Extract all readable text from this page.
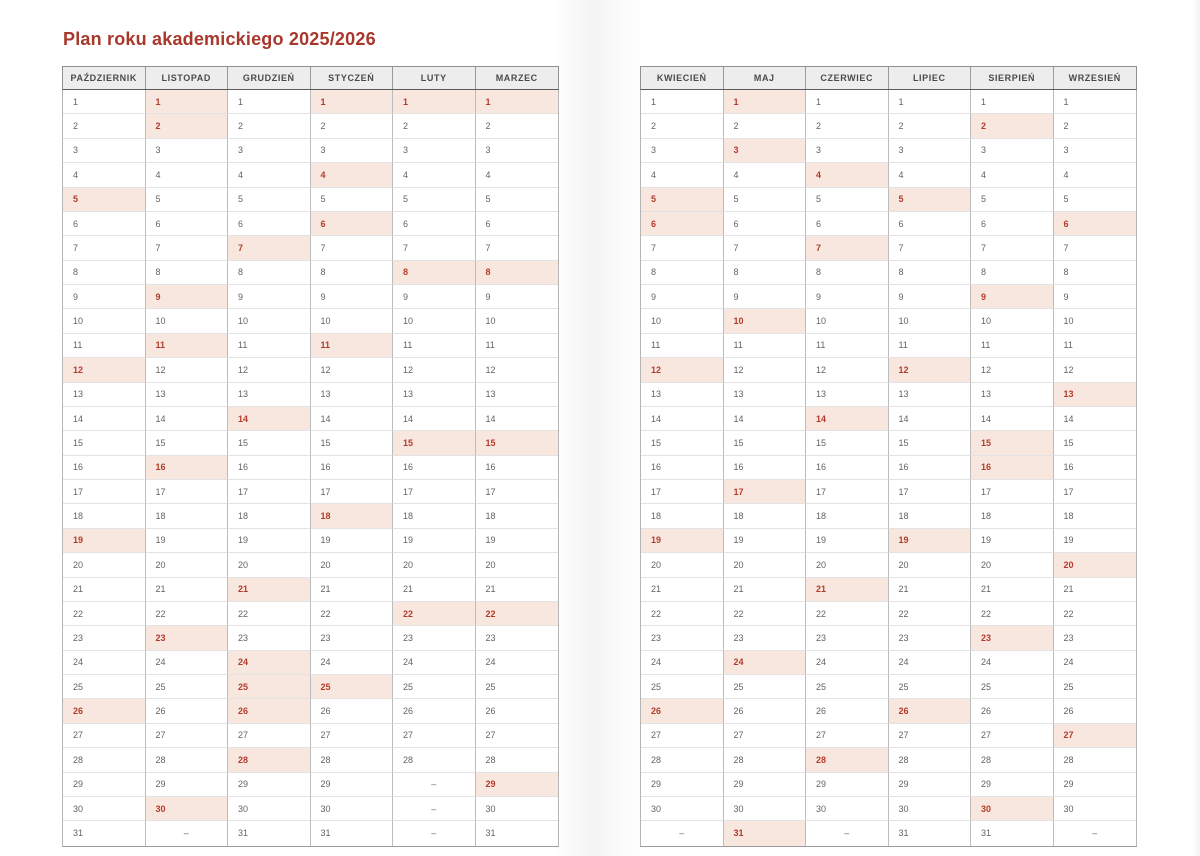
Plan roku akademickiego 2025/2026
PAŹDZIERNIK	LISTOPAD	GRUDZIEŃ	STYCZEŃ	LUTY	MARZEC
1	1	1	1	1	1
2	2	2	2	2	2
3	3	3	3	3	3
4	4	4	4	4	4
5	5	5	5	5	5
6	6	6	6	6	6
7	7	7	7	7	7
8	8	8	8	8	8
9	9	9	9	9	9
10	10	10	10	10	10
11	11	11	11	11	11
12	12	12	12	12	12
13	13	13	13	13	13
14	14	14	14	14	14
15	15	15	15	15	15
16	16	16	16	16	16
17	17	17	17	17	17
18	18	18	18	18	18
19	19	19	19	19	19
20	20	20	20	20	20
21	21	21	21	21	21
22	22	22	22	22	22
23	23	23	23	23	23
24	24	24	24	24	24
25	25	25	25	25	25
26	26	26	26	26	26
27	27	27	27	27	27
28	28	28	28	28	28
29	29	29	29	–	29
30	30	30	30	–	30
31	–	31	31	–	31
KWIECIEŃ	MAJ	CZERWIEC	LIPIEC	SIERPIEŃ	WRZESIEŃ
1	1	1	1	1	1
2	2	2	2	2	2
3	3	3	3	3	3
4	4	4	4	4	4
5	5	5	5	5	5
6	6	6	6	6	6
7	7	7	7	7	7
8	8	8	8	8	8
9	9	9	9	9	9
10	10	10	10	10	10
11	11	11	11	11	11
12	12	12	12	12	12
13	13	13	13	13	13
14	14	14	14	14	14
15	15	15	15	15	15
16	16	16	16	16	16
17	17	17	17	17	17
18	18	18	18	18	18
19	19	19	19	19	19
20	20	20	20	20	20
21	21	21	21	21	21
22	22	22	22	22	22
23	23	23	23	23	23
24	24	24	24	24	24
25	25	25	25	25	25
26	26	26	26	26	26
27	27	27	27	27	27
28	28	28	28	28	28
29	29	29	29	29	29
30	30	30	30	30	30
–	31	–	31	31	–
